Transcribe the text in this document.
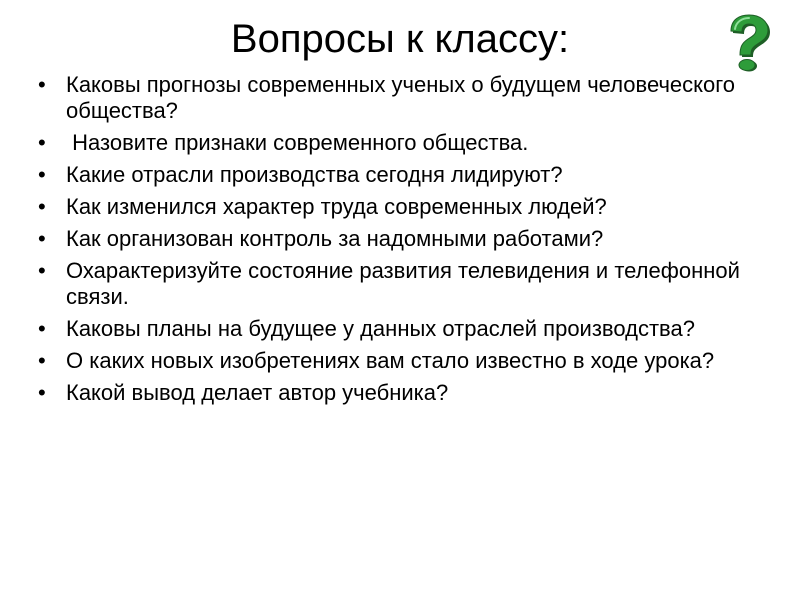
Вопросы к классу:
• Каковы прогнозы современных ученых о будущем человеческого общества?
• Назовите признаки современного общества.
• Какие отрасли производства сегодня лидируют?
• Как изменился характер труда современных людей?
• Как организован контроль за надомными работами?
• Охарактеризуйте состояние развития телевидения и телефонной связи.
• Каковы планы на будущее у данных отраслей производства?
• О каких новых изобретениях вам стало известно в ходе урока?
• Какой вывод делает автор учебника?
